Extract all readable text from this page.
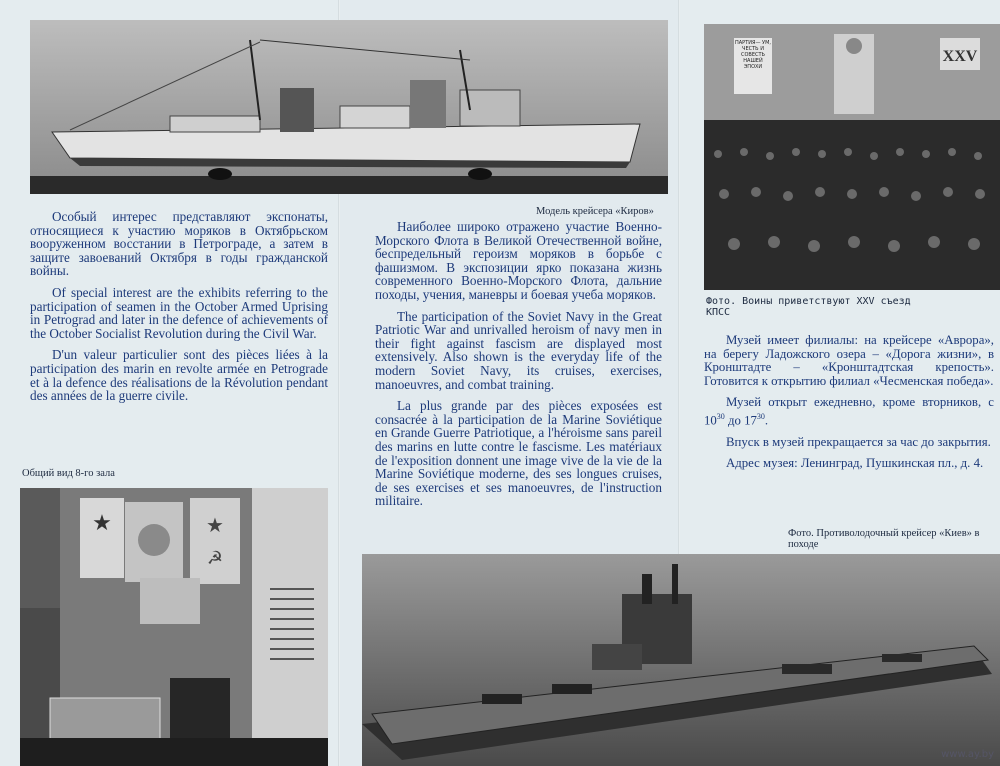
Особый интерес представляют экспонаты, относящиеся к участию моряков в Октябрьском вооруженном восстании в Петрограде, а затем в защите завоеваний Октября в годы гражданской войны.

Of special interest are the exhibits referring to the participation of seamen in the October Armed Uprising in Petrograd and later in the defence of achievements of the October Socialist Revolution during the Civil War.

D'un valeur particulier sont des pièces liées à la participation des marin en revolte armée en Petrograde et à la defence des réalisations de la Révolution pendant des années de la guerre civile.

Общий вид 8-го зала
★	★
☭
Модель крейсера «Киров»

Наиболее широко отражено участие Военно-Морского Флота в Великой Отечественной войне, беспредельный героизм моряков в борьбе с фашизмом. В экспозиции ярко показана жизнь современного Военно-Морского Флота, дальние походы, учения, маневры и боевая учеба моряков.

The participation of the Soviet Navy in the Great Patriotic War and unrivalled heroism of navy men in their fight against fascism are displayed most extensively. Also shown is the everyday life of the modern Soviet Navy, its cruises, exercises, manoeuvres, and combat training.

La plus grande par des pièces exposées est consacrée à la participation de la Marine Soviétique en Grande Guerre Patriotique, a l'héroisme sans pareil des marins en lutte contre le fascisme. Les matériaux de l'exposition donnent une image vive de la vie de la Marine Soviétique moderne, des ses longues cruises, de ses exercises et ses manoeuvres, de l'instruction militaire.

XXV
ПАРТИЯ— УМ, ЧЕСТЬ И СОВЕСТЬ НАШЕЙ ЭПОХИ
Фото. Воины приветствуют XXV съезд КПСС

Музей имеет филиалы: на крейсере «Аврора», на берегу Ладожского озера – «Дорога жизни», в Кронштадте – «Кронштадтская крепость». Готовится к открытию филиал «Чесменская победа».

Музей открыт ежедневно, кроме вторников, с $10^{30}$ до $17^{30}$.

Впуск в музей прекращается за час до закрытия.

Адрес музея: Ленинград, Пушкинская пл., д. 4.

Фото. Противолодочный крейсер «Киев» в походе
www.ay.by
